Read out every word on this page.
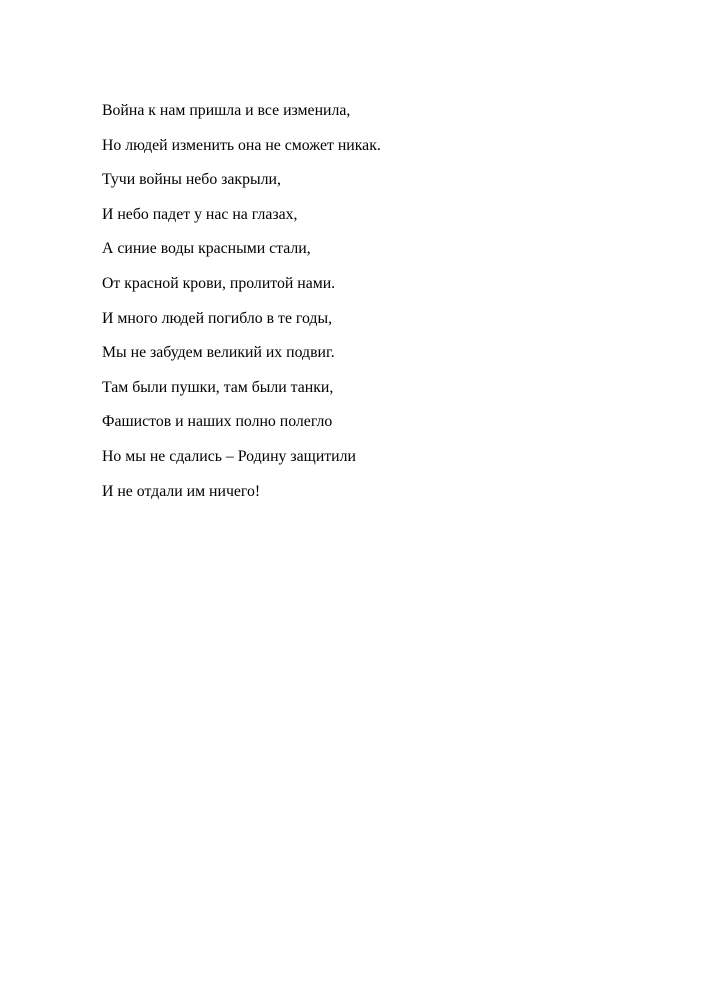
Война к нам пришла и все изменила,
Но людей изменить она не сможет никак.
Тучи войны небо закрыли,
И небо падет у нас на глазах,
А синие воды красными стали,
От красной крови, пролитой нами.
И много людей погибло в те годы,
Мы не забудем великий их подвиг.
Там были пушки, там были танки,
Фашистов и наших полно полегло
Но мы не сдались – Родину защитили
И не отдали им ничего!
